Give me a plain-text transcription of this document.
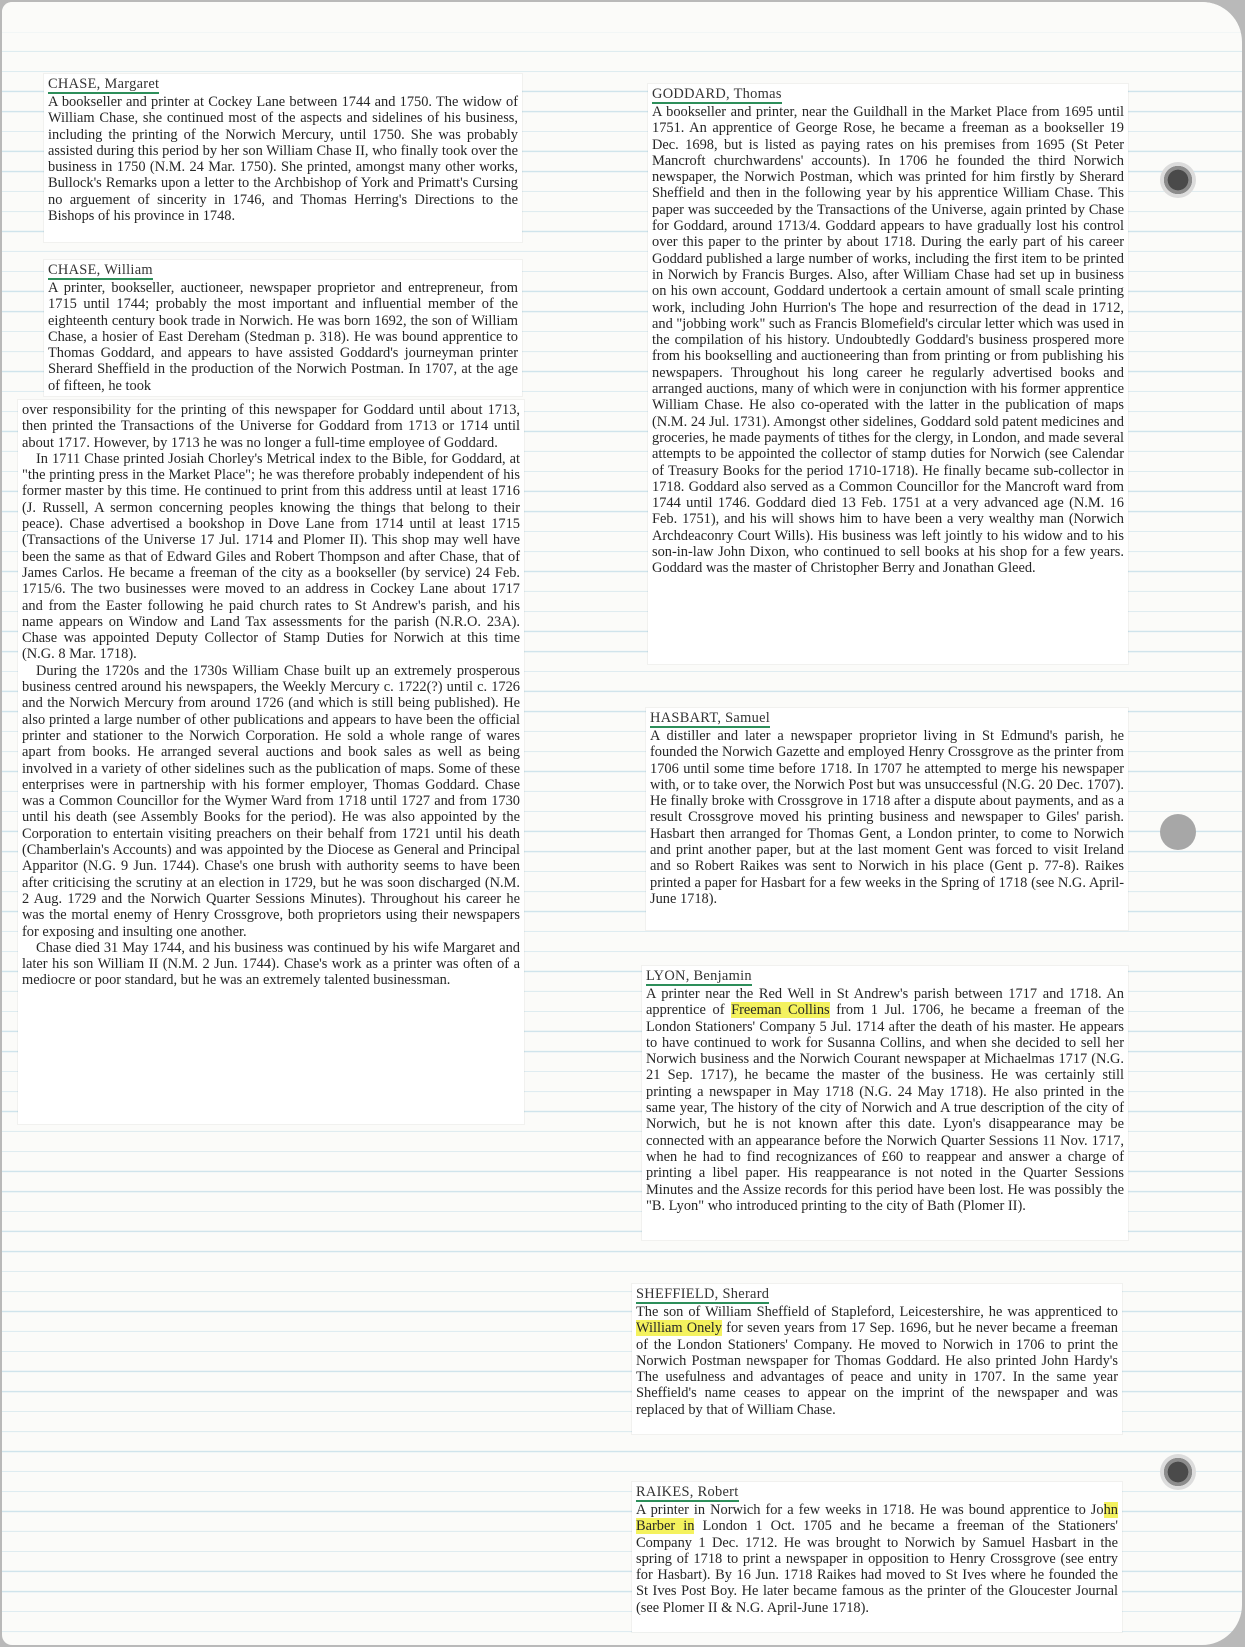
CHASE, Margaret

A bookseller and printer at Cockey Lane between 1744 and 1750. The widow of William Chase, she continued most of the aspects and sidelines of his business, including the printing of the Norwich Mercury, until 1750. She was probably assisted during this period by her son William Chase II, who finally took over the business in 1750 (N.M. 24 Mar. 1750). She printed, amongst many other works, Bullock's Remarks upon a letter to the Archbishop of York and Primatt's Cursing no arguement of sincerity in 1746, and Thomas Herring's Directions to the Bishops of his province in 1748.

CHASE, William

A printer, bookseller, auctioneer, newspaper proprietor and entrepreneur, from 1715 until 1744; probably the most important and influential member of the eighteenth century book trade in Norwich. He was born 1692, the son of William Chase, a hosier of East Dereham (Stedman p. 318). He was bound apprentice to Thomas Goddard, and appears to have assisted Goddard's journeyman printer Sherard Sheffield in the production of the Norwich Postman. In 1707, at the age of fifteen, he took

over responsibility for the printing of this newspaper for Goddard until about 1713, then printed the Transactions of the Universe for Goddard from 1713 or 1714 until about 1717. However, by 1713 he was no longer a full-time employee of Goddard.

In 1711 Chase printed Josiah Chorley's Metrical index to the Bible, for Goddard, at "the printing press in the Market Place"; he was therefore probably independent of his former master by this time. He continued to print from this address until at least 1716 (J. Russell, A sermon concerning peoples knowing the things that belong to their peace). Chase advertised a bookshop in Dove Lane from 1714 until at least 1715 (Transactions of the Universe 17 Jul. 1714 and Plomer II). This shop may well have been the same as that of Edward Giles and Robert Thompson and after Chase, that of James Carlos. He became a freeman of the city as a bookseller (by service) 24 Feb. 1715/6. The two businesses were moved to an address in Cockey Lane about 1717 and from the Easter following he paid church rates to St Andrew's parish, and his name appears on Window and Land Tax assessments for the parish (N.R.O. 23A). Chase was appointed Deputy Collector of Stamp Duties for Norwich at this time (N.G. 8 Mar. 1718).

During the 1720s and the 1730s William Chase built up an extremely prosperous business centred around his newspapers, the Weekly Mercury c. 1722(?) until c. 1726 and the Norwich Mercury from around 1726 (and which is still being published). He also printed a large number of other publications and appears to have been the official printer and stationer to the Norwich Corporation. He sold a whole range of wares apart from books. He arranged several auctions and book sales as well as being involved in a variety of other sidelines such as the publication of maps. Some of these enterprises were in partnership with his former employer, Thomas Goddard. Chase was a Common Councillor for the Wymer Ward from 1718 until 1727 and from 1730 until his death (see Assembly Books for the period). He was also appointed by the Corporation to entertain visiting preachers on their behalf from 1721 until his death (Chamberlain's Accounts) and was appointed by the Diocese as General and Principal Apparitor (N.G. 9 Jun. 1744). Chase's one brush with authority seems to have been after criticising the scrutiny at an election in 1729, but he was soon discharged (N.M. 2 Aug. 1729 and the Norwich Quarter Sessions Minutes). Throughout his career he was the mortal enemy of Henry Crossgrove, both proprietors using their newspapers for exposing and insulting one another.

Chase died 31 May 1744, and his business was continued by his wife Margaret and later his son William II (N.M. 2 Jun. 1744). Chase's work as a printer was often of a mediocre or poor standard, but he was an extremely talented businessman.

GODDARD, Thomas

A bookseller and printer, near the Guildhall in the Market Place from 1695 until 1751. An apprentice of George Rose, he became a freeman as a bookseller 19 Dec. 1698, but is listed as paying rates on his premises from 1695 (St Peter Mancroft churchwardens' accounts). In 1706 he founded the third Norwich newspaper, the Norwich Postman, which was printed for him firstly by Sherard Sheffield and then in the following year by his apprentice William Chase. This paper was succeeded by the Transactions of the Universe, again printed by Chase for Goddard, around 1713/4. Goddard appears to have gradually lost his control over this paper to the printer by about 1718. During the early part of his career Goddard published a large number of works, including the first item to be printed in Norwich by Francis Burges. Also, after William Chase had set up in business on his own account, Goddard undertook a certain amount of small scale printing work, including John Hurrion's The hope and resurrection of the dead in 1712, and "jobbing work" such as Francis Blomefield's circular letter which was used in the compilation of his history. Undoubtedly Goddard's business prospered more from his bookselling and auctioneering than from printing or from publishing his newspapers. Throughout his long career he regularly advertised books and arranged auctions, many of which were in conjunction with his former apprentice William Chase. He also co-operated with the latter in the publication of maps (N.M. 24 Jul. 1731). Amongst other sidelines, Goddard sold patent medicines and groceries, he made payments of tithes for the clergy, in London, and made several attempts to be appointed the collector of stamp duties for Norwich (see Calendar of Treasury Books for the period 1710-1718). He finally became sub-collector in 1718. Goddard also served as a Common Councillor for the Mancroft ward from 1744 until 1746. Goddard died 13 Feb. 1751 at a very advanced age (N.M. 16 Feb. 1751), and his will shows him to have been a very wealthy man (Norwich Archdeaconry Court Wills). His business was left jointly to his widow and to his son-in-law John Dixon, who continued to sell books at his shop for a few years. Goddard was the master of Christopher Berry and Jonathan Gleed.

HASBART, Samuel

A distiller and later a newspaper proprietor living in St Edmund's parish, he founded the Norwich Gazette and employed Henry Crossgrove as the printer from 1706 until some time before 1718. In 1707 he attempted to merge his newspaper with, or to take over, the Norwich Post but was unsuccessful (N.G. 20 Dec. 1707). He finally broke with Crossgrove in 1718 after a dispute about payments, and as a result Crossgrove moved his printing business and newspaper to Giles' parish. Hasbart then arranged for Thomas Gent, a London printer, to come to Norwich and print another paper, but at the last moment Gent was forced to visit Ireland and so Robert Raikes was sent to Norwich in his place (Gent p. 77-8). Raikes printed a paper for Hasbart for a few weeks in the Spring of 1718 (see N.G. April-June 1718).

LYON, Benjamin

A printer near the Red Well in St Andrew's parish between 1717 and 1718. An apprentice of Freeman Collins from 1 Jul. 1706, he became a freeman of the London Stationers' Company 5 Jul. 1714 after the death of his master. He appears to have continued to work for Susanna Collins, and when she decided to sell her Norwich business and the Norwich Courant newspaper at Michaelmas 1717 (N.G. 21 Sep. 1717), he became the master of the business. He was certainly still printing a newspaper in May 1718 (N.G. 24 May 1718). He also printed in the same year, The history of the city of Norwich and A true description of the city of Norwich, but he is not known after this date. Lyon's disappearance may be connected with an appearance before the Norwich Quarter Sessions 11 Nov. 1717, when he had to find recognizances of £60 to reappear and answer a charge of printing a libel paper. His reappearance is not noted in the Quarter Sessions Minutes and the Assize records for this period have been lost. He was possibly the "B. Lyon" who introduced printing to the city of Bath (Plomer II).

SHEFFIELD, Sherard

The son of William Sheffield of Stapleford, Leicestershire, he was apprenticed to William Onely for seven years from 17 Sep. 1696, but he never became a freeman of the London Stationers' Company. He moved to Norwich in 1706 to print the Norwich Postman newspaper for Thomas Goddard. He also printed John Hardy's The usefulness and advantages of peace and unity in 1707. In the same year Sheffield's name ceases to appear on the imprint of the newspaper and was replaced by that of William Chase.

RAIKES, Robert

A printer in Norwich for a few weeks in 1718. He was bound apprentice to John Barber in London 1 Oct. 1705 and he became a freeman of the Stationers' Company 1 Dec. 1712. He was brought to Norwich by Samuel Hasbart in the spring of 1718 to print a newspaper in opposition to Henry Crossgrove (see entry for Hasbart). By 16 Jun. 1718 Raikes had moved to St Ives where he founded the St Ives Post Boy. He later became famous as the printer of the Gloucester Journal (see Plomer II & N.G. April-June 1718).
